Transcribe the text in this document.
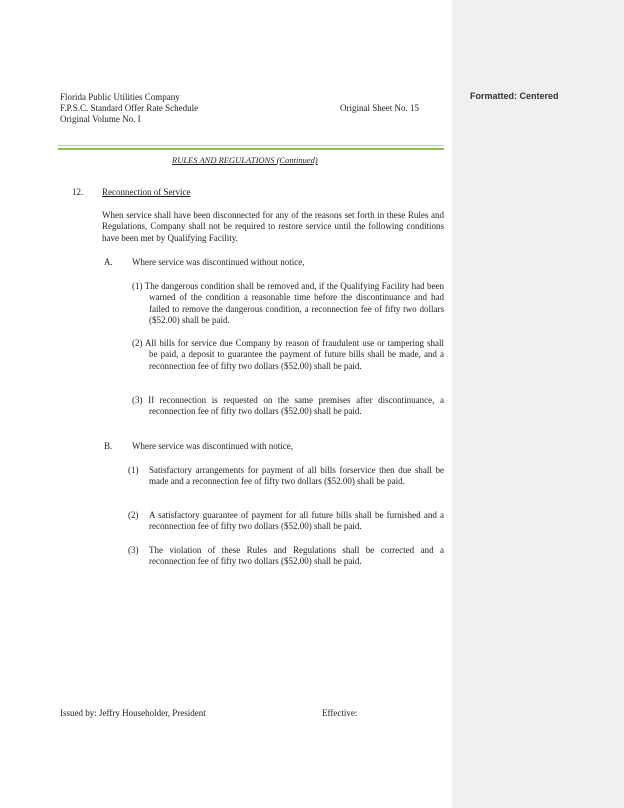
Formatted: Centered
Florida Public Utilities Company
F.P.S.C. Standard Offer Rate Schedule	Original Sheet No. 15
Original Volume No. I
RULES AND REGULATIONS (Continued)
12. Reconnection of Service
When service shall have been disconnected for any of the reasons set forth in these Rules and Regulations, Company shall not be required to restore service until the following conditions have been met by Qualifying Facility.
A. Where service was discontinued without notice,
(1) The dangerous condition shall be removed and, if the Qualifying Facility had been warned of the condition a reasonable time before the discontinuance and had failed to remove the dangerous condition, a reconnection fee of fifty two dollars ($52.00) shall be paid.
(2) All bills for service due Company by reason of fraudulent use or tampering shall be paid, a deposit to guarantee the payment of future bills shall be made, and a reconnection fee of fifty two dollars ($52.00) shall be paid.
(3) If reconnection is requested on the same premises after discontinuance, a reconnection fee of fifty two dollars ($52.00) shall be paid.
B. Where service was discontinued with notice,
(1) Satisfactory arrangements for payment of all bills forservice then due shall be made and a reconnection fee of fifty two dollars ($52.00) shall be paid.
(2) A satisfactory guarantee of payment for all future bills shall be furnished and a reconnection fee of fifty two dollars ($52.00) shall be paid.
(3) The violation of these Rules and Regulations shall be corrected and a reconnection fee of fifty two dollars ($52.00) shall be paid.
Issued by: Jeffry Householder, President	Effective:
